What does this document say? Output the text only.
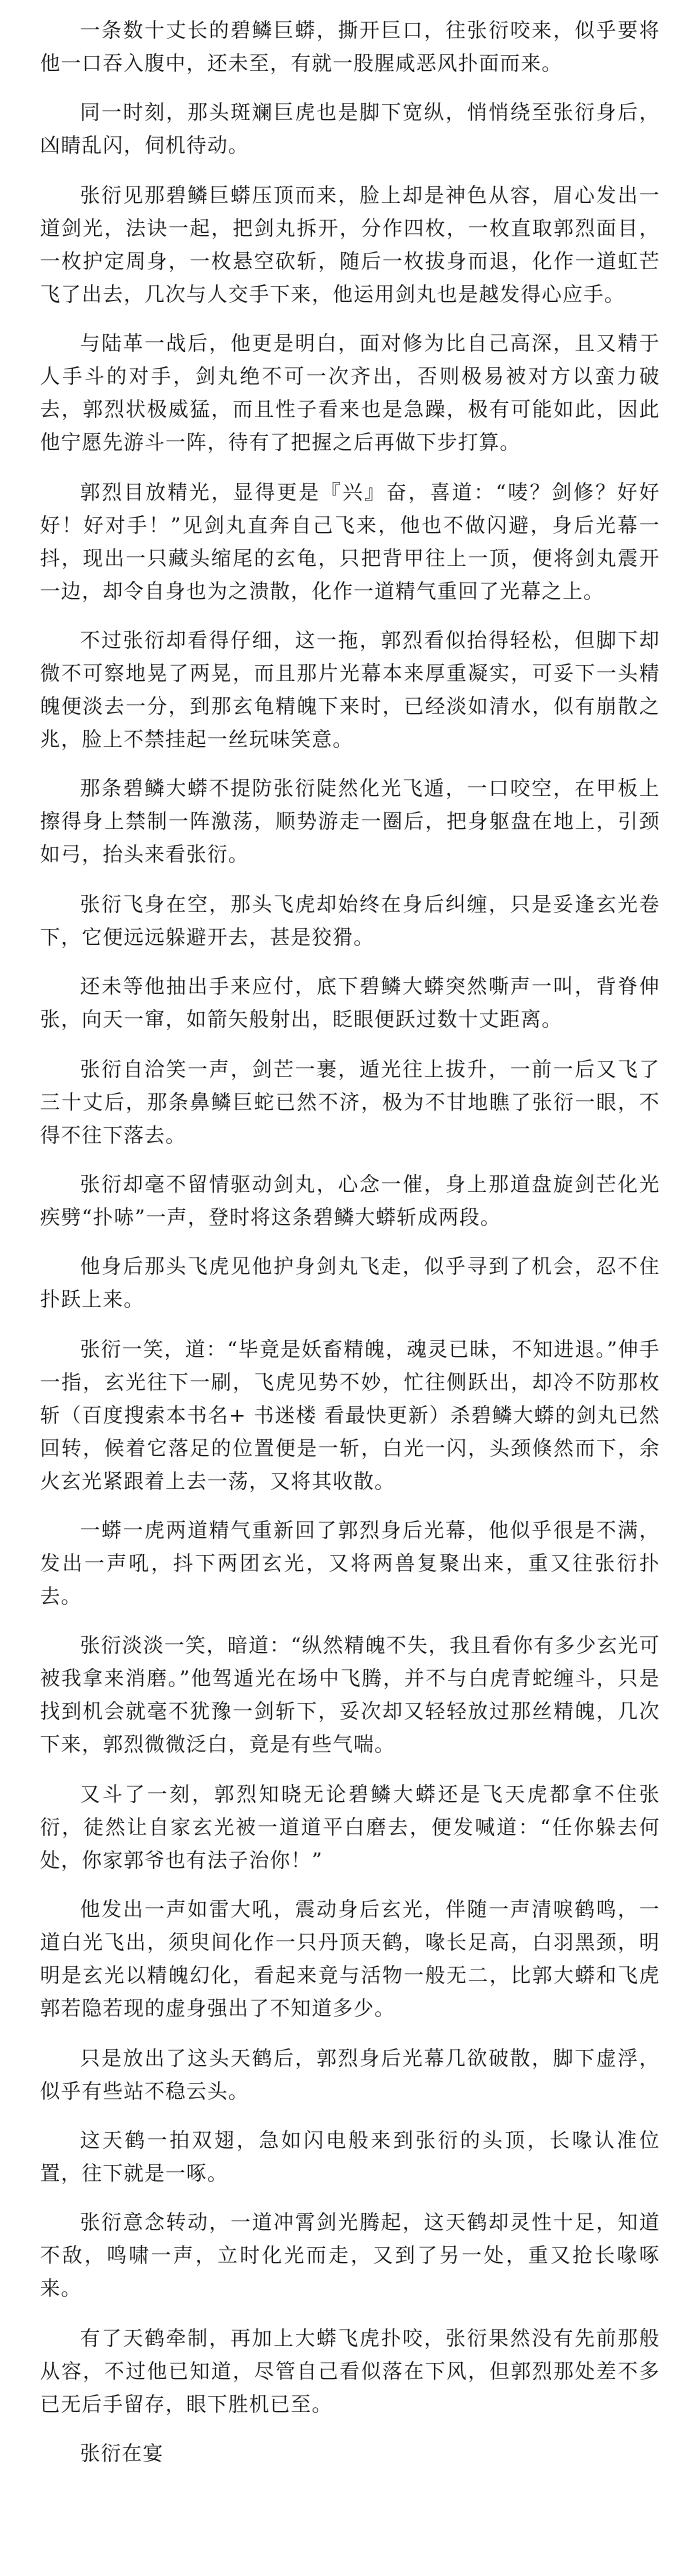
一条数十丈长的碧鳞巨蟒，撕开巨口，往张衍咬来，似乎要将他一口吞入腹中，还未至，有就一股腥咸恶风扑面而来。

同一时刻，那头斑斓巨虎也是脚下宽纵，悄悄绕至张衍身后，凶睛乱闪，伺机待动。

张衍见那碧鳞巨蟒压顶而来，脸上却是神色从容，眉心发出一道剑光，法诀一起，把剑丸拆开，分作四枚，一枚直取郭烈面目，一枚护定周身，一枚悬空砍斩，随后一枚拔身而退，化作一道虹芒飞了出去，几次与人交手下来，他运用剑丸也是越发得心应手。

与陆革一战后，他更是明白，面对修为比自己高深，且又精于人手斗的对手，剑丸绝不可一次齐出，否则极易被对方以蛮力破去，郭烈状极威猛，而且性子看来也是急躁，极有可能如此，因此他宁愿先游斗一阵，待有了把握之后再做下步打算。

郭烈目放精光，显得更是『兴』奋，喜道：“唛？剑修？好好好！好对手！”见剑丸直奔自己飞来，他也不做闪避，身后光幕一抖，现出一只藏头缩尾的玄龟，只把背甲往上一顶，便将剑丸震开一边，却令自身也为之溃散，化作一道精气重回了光幕之上。

不过张衍却看得仔细，这一拖，郭烈看似抬得轻松，但脚下却微不可察地晃了两晃，而且那片光幕本来厚重凝实，可妥下一头精魄便淡去一分，到那玄龟精魄下来时，已经淡如清水，似有崩散之兆，脸上不禁挂起一丝玩味笑意。

那条碧鳞大蟒不提防张衍陡然化光飞遁，一口咬空，在甲板上擦得身上禁制一阵激荡，顺势游走一圈后，把身躯盘在地上，引颈如弓，抬头来看张衍。

张衍飞身在空，那头飞虎却始终在身后纠缠，只是妥逢玄光卷下，它便远远躲避开去，甚是狡猾。

还未等他抽出手来应付，底下碧鳞大蟒突然嘶声一叫，背脊伸张，向天一窜，如箭矢般射出，眨眼便跃过数十丈距离。

张衍自洽笑一声，剑芒一裹，遁光往上拔升，一前一后又飞了三十丈后，那条鼻鳞巨蛇已然不济，极为不甘地瞧了张衍一眼，不得不往下落去。

张衍却毫不留情驱动剑丸，心念一催，身上那道盘旋剑芒化光疾劈“扑哧”一声，登时将这条碧鳞大蟒斩成两段。

他身后那头飞虎见他护身剑丸飞走，似乎寻到了机会，忍不住扑跃上来。

张衍一笑，道：“毕竟是妖畜精魄，魂灵已昧，不知进退。”伸手一指，玄光往下一刷，飞虎见势不妙，忙往侧跃出，却冷不防那枚斩（百度搜索本书名+ 书迷楼 看最快更新）杀碧鳞大蟒的剑丸已然回转，候着它落足的位置便是一斩，白光一闪，头颈倏然而下，余火玄光紧跟着上去一荡，又将其收散。

一蟒一虎两道精气重新回了郭烈身后光幕，他似乎很是不满，发出一声吼，抖下两团玄光，又将两兽复聚出来，重又往张衍扑去。

张衍淡淡一笑，暗道：“纵然精魄不失，我且看你有多少玄光可被我拿来消磨。”他驾遁光在场中飞腾，并不与白虎青蛇缠斗，只是找到机会就毫不犹豫一剑斩下，妥次却又轻轻放过那丝精魄，几次下来，郭烈微微泛白，竟是有些气喘。

又斗了一刻，郭烈知晓无论碧鳞大蟒还是飞天虎都拿不住张衍，徒然让自家玄光被一道道平白磨去，便发喊道：“任你躲去何处，你家郭爷也有法子治你！”

他发出一声如雷大吼，震动身后玄光，伴随一声清唳鹤鸣，一道白光飞出，须臾间化作一只丹顶天鹤，喙长足高，白羽黑颈，明明是玄光以精魄幻化，看起来竟与活物一般无二，比郭大蟒和飞虎郭若隐若现的虚身强出了不知道多少。

只是放出了这头天鹤后，郭烈身后光幕几欲破散，脚下虚浮，似乎有些站不稳云头。

这天鹤一拍双翅，急如闪电般来到张衍的头顶，长喙认准位置，往下就是一啄。

张衍意念转动，一道冲霄剑光腾起，这天鹤却灵性十足，知道不敌，鸣啸一声，立时化光而走，又到了另一处，重又抢长喙啄来。

有了天鹤牵制，再加上大蟒飞虎扑咬，张衍果然没有先前那般从容，不过他已知道，尽管自己看似落在下风，但郭烈那处差不多已无后手留存，眼下胜机已至。

张衍在宴
